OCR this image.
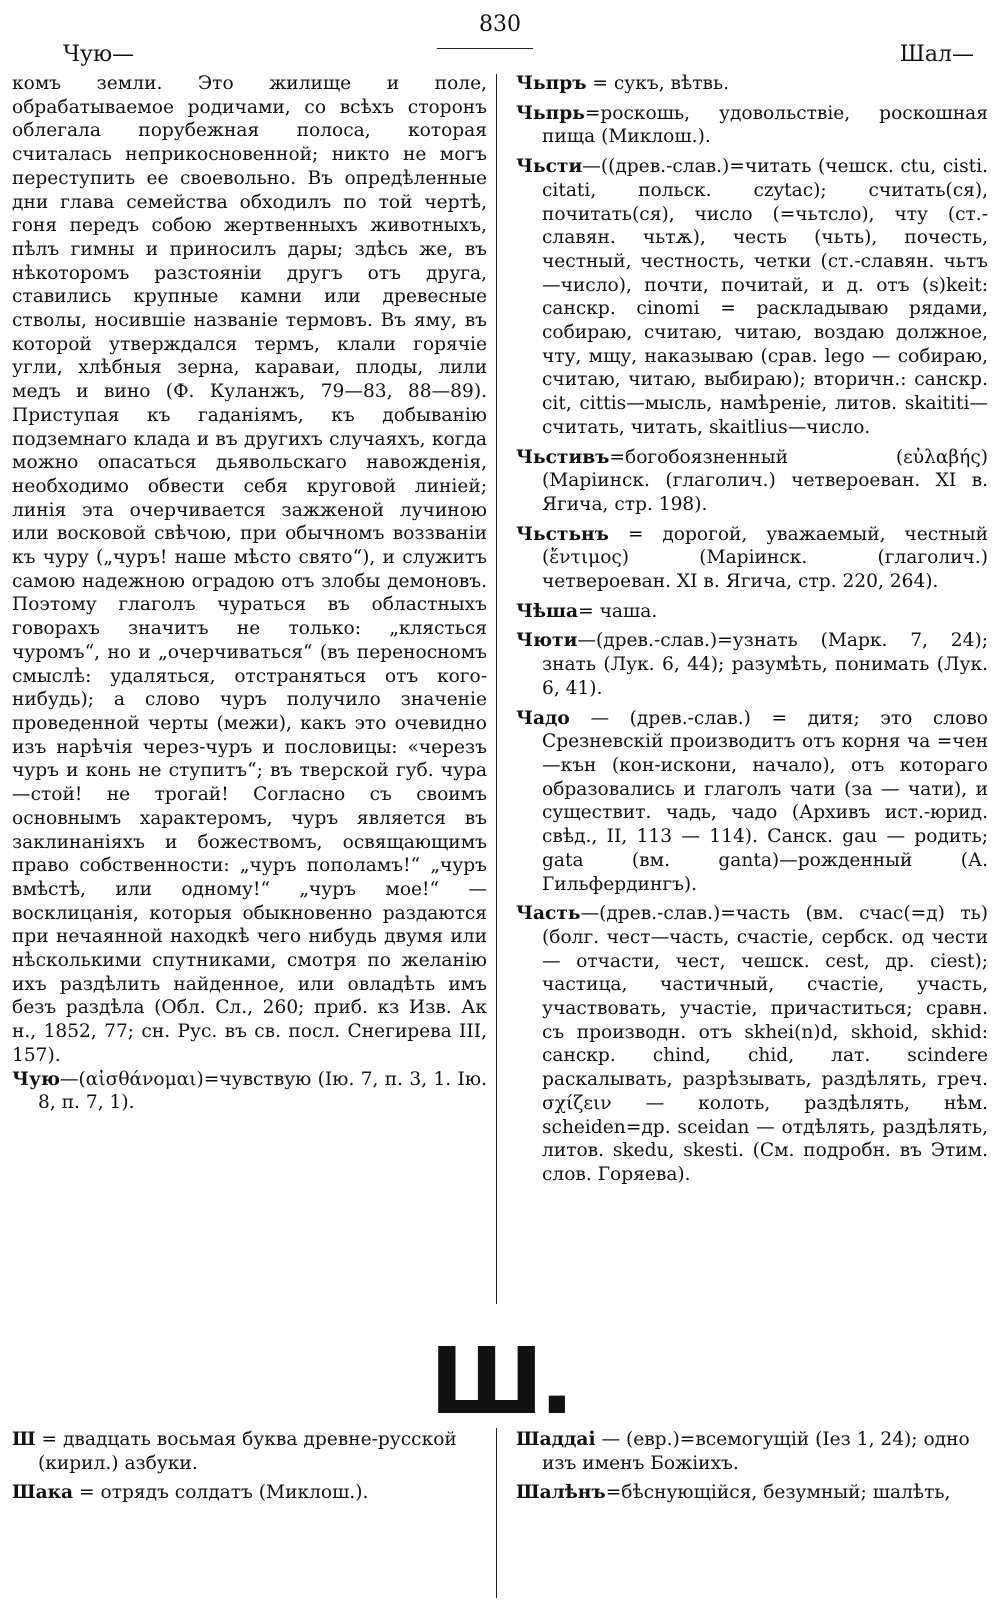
830
Чую—	Шал—

комъ земли. Это жилище и поле, обрабатываемое родичами, со всѣхъ сторонъ облегала порубежная полоса, которая считалась неприкосновенной; никто не могъ переступить ее своевольно. Въ опредѣленные дни глава семейства обходилъ по той чертѣ, гоня передъ собою жертвенныхъ животныхъ, пѣлъ гимны и приносилъ дары; здѣсь же, въ нѣкоторомъ разстояніи другъ отъ друга, ставились крупные камни или древесные стволы, носившіе названіе термовъ. Въ яму, въ которой утверждался термъ, клали горячіе угли, хлѣбныя зерна, караваи, плоды, лили медъ и вино (Ф. Куланжъ, 79—83, 88—89). Приступая къ гаданіямъ, къ добыванію подземнаго клада и въ другихъ случаяхъ, когда можно опасаться дьявольскаго навожденія, необходимо обвести себя круговой линіей; линія эта очерчивается зажженой лучиною или восковой свѣчою, при обычномъ воззваніи къ чуру („чуръ! наше мѣсто свято“), и служитъ самою надежною оградою отъ злобы демоновъ. Поэтому глаголъ чураться въ областныхъ говорахъ значитъ не только: „клясться чуромъ“, но и „очерчиваться“ (въ переносномъ смыслѣ: удаляться, отстраняться отъ кого-нибудь); а слово чуръ получило значеніе проведенной черты (межи), какъ это очевидно изъ нарѣчія через-чуръ и пословицы: «черезъ чуръ и конь не ступитъ“; въ тверской губ. чура—стой! не трогай! Согласно съ своимъ основнымъ характеромъ, чуръ является въ заклинаніяхъ и божествомъ, освящающимъ право собственности: „чуръ пополамъ!“ „чуръ вмѣстѣ, или одному!“ „чуръ мое!“ — восклицанія, которыя обыкновенно раздаются при нечаянной находкѣ чего нибудь двумя или нѣсколькими спутниками, смотря по желанію ихъ раздѣлить найденное, или овладѣть имъ безъ раздѣла (Обл. Сл., 260; приб. кз Изв. Ак н., 1852, 77; сн. Рус. въ св. посл. Снегирева III, 157).

Чую—(αἰσθάνομαι)=чувствую (Ію. 7, п. 3, 1. Ію. 8, п. 7, 1).

Чьпръ = сукъ, вѣтвь.

Чьпрь=роскошь, удовольствіе, роскошная пища (Миклош.).

Чьсти—((древ.-слав.)=читать (чешск. ctu, cisti. citati, польск. czytac); считать(ся), почитать(ся), число (=чьтсло), чту (ст.-славян. чьтѫ), честь (чьть), почесть, честный, честность, четки (ст.-славян. чьтъ—число), почти, почитай, и д. отъ (s)keit: санскр. cinomi = раскладываю рядами, собираю, считаю, читаю, воздаю должное, чту, мщу, наказываю (срав. lego — собираю, считаю, читаю, выбираю); вторичн.: санскр. cit, cittis—мысль, намѣреніе, литов. skaititi—считать, читать, skaitlius—число.

Чьстивъ=богобоязненный (εὐλαβής) (Маріинск. (глаголич.) четвероеван. XI в. Ягича, стр. 198).

Чьстьнъ = дорогой, уважаемый, честный (ἔντιμος) (Маріинск. (глаголич.) четвероеван. XI в. Ягича, стр. 220, 264).

Чѣша= чаша.

Чюти—(древ.-слав.)=узнать (Марк. 7, 24); знать (Лук. 6, 44); разумѣть, понимать (Лук. 6, 41).

Чадо — (древ.-слав.) = дитя; это слово Срезневскій производитъ отъ корня ча =чен—кън (кон-искони, начало), отъ котораго образовались и глаголъ чати (за — чати), и существит. чадь, чадо (Архивъ ист.-юрид. свѣд., II, 113 — 114). Санск. gau — родить; gata (вм. ganta)—рожденный (А. Гильфердингъ).

Часть—(древ.-слав.)=часть (вм. счас(=д) ть) (болг. чест—часть, счастіе, сербск. од чести — отчасти, чест, чешск. cest, др. ciest); частица, частичный, счастіе, участь, участвовать, участіе, причаститься; сравн. съ производн. отъ skhei(n)d, skhoid, skhid: санскр. chind, chid, лат. scindere раскалывать, разрѣзывать, раздѣлять, греч. σχίζειν — колоть, раздѣлять, нѣм. scheiden=др. sceidan — отдѣлять, раздѣлять, литов. skedu, skesti. (См. подробн. въ Этим. слов. Горяева).

Ш.

Ш = двадцать восьмая буква древне-русской (кирил.) азбуки.

Шака = отрядъ солдатъ (Миклош.).

Шаддаі — (евр.)=всемогущій (Iез 1, 24); одно изъ именъ Божіихъ.

Шалѣнъ=бѣснующійся, безумный; шалѣть,
